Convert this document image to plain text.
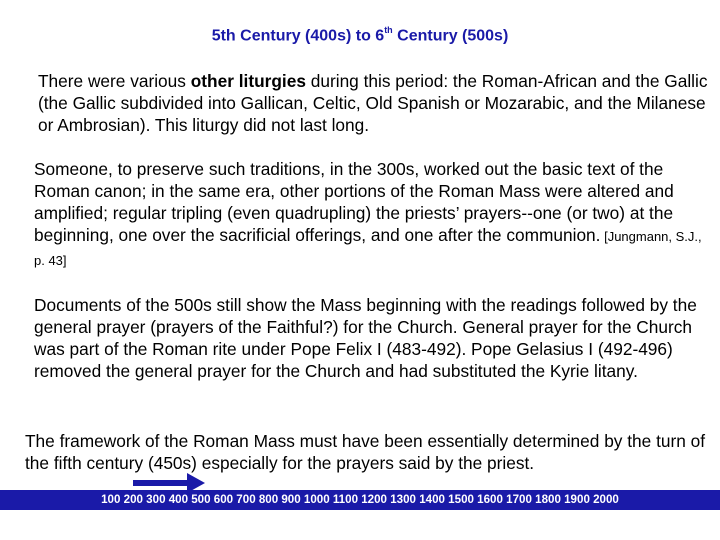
5th Century (400s) to 6th Century (500s)

There were various other liturgies during this period: the Roman-African and the Gallic (the Gallic subdivided into Gallican, Celtic, Old Spanish or Mozarabic, and the Milanese or Ambrosian). This liturgy did not last long.

Someone, to preserve such traditions, in the 300s, worked out the basic text of the Roman canon; in the same era, other portions of the Roman Mass were altered and amplified; regular tripling (even quadrupling) the priests’ prayers--one (or two) at the beginning, one over the sacrificial offerings, and one after the communion. [Jungmann, S.J., p. 43]

Documents of the 500s still show the Mass beginning with the readings followed by the general prayer (prayers of the Faithful?) for the Church. General prayer for the Church was part of the Roman rite under Pope Felix I (483-492). Pope Gelasius I (492-496) removed the general prayer for the Church and had substituted the Kyrie litany.

The framework of the Roman Mass must have been essentially determined by the turn of the fifth century (450s) especially for the prayers said by the priest.

100 200 300 400 500 600 700 800 900 1000 1100 1200 1300 1400 1500 1600 1700 1800 1900 2000
